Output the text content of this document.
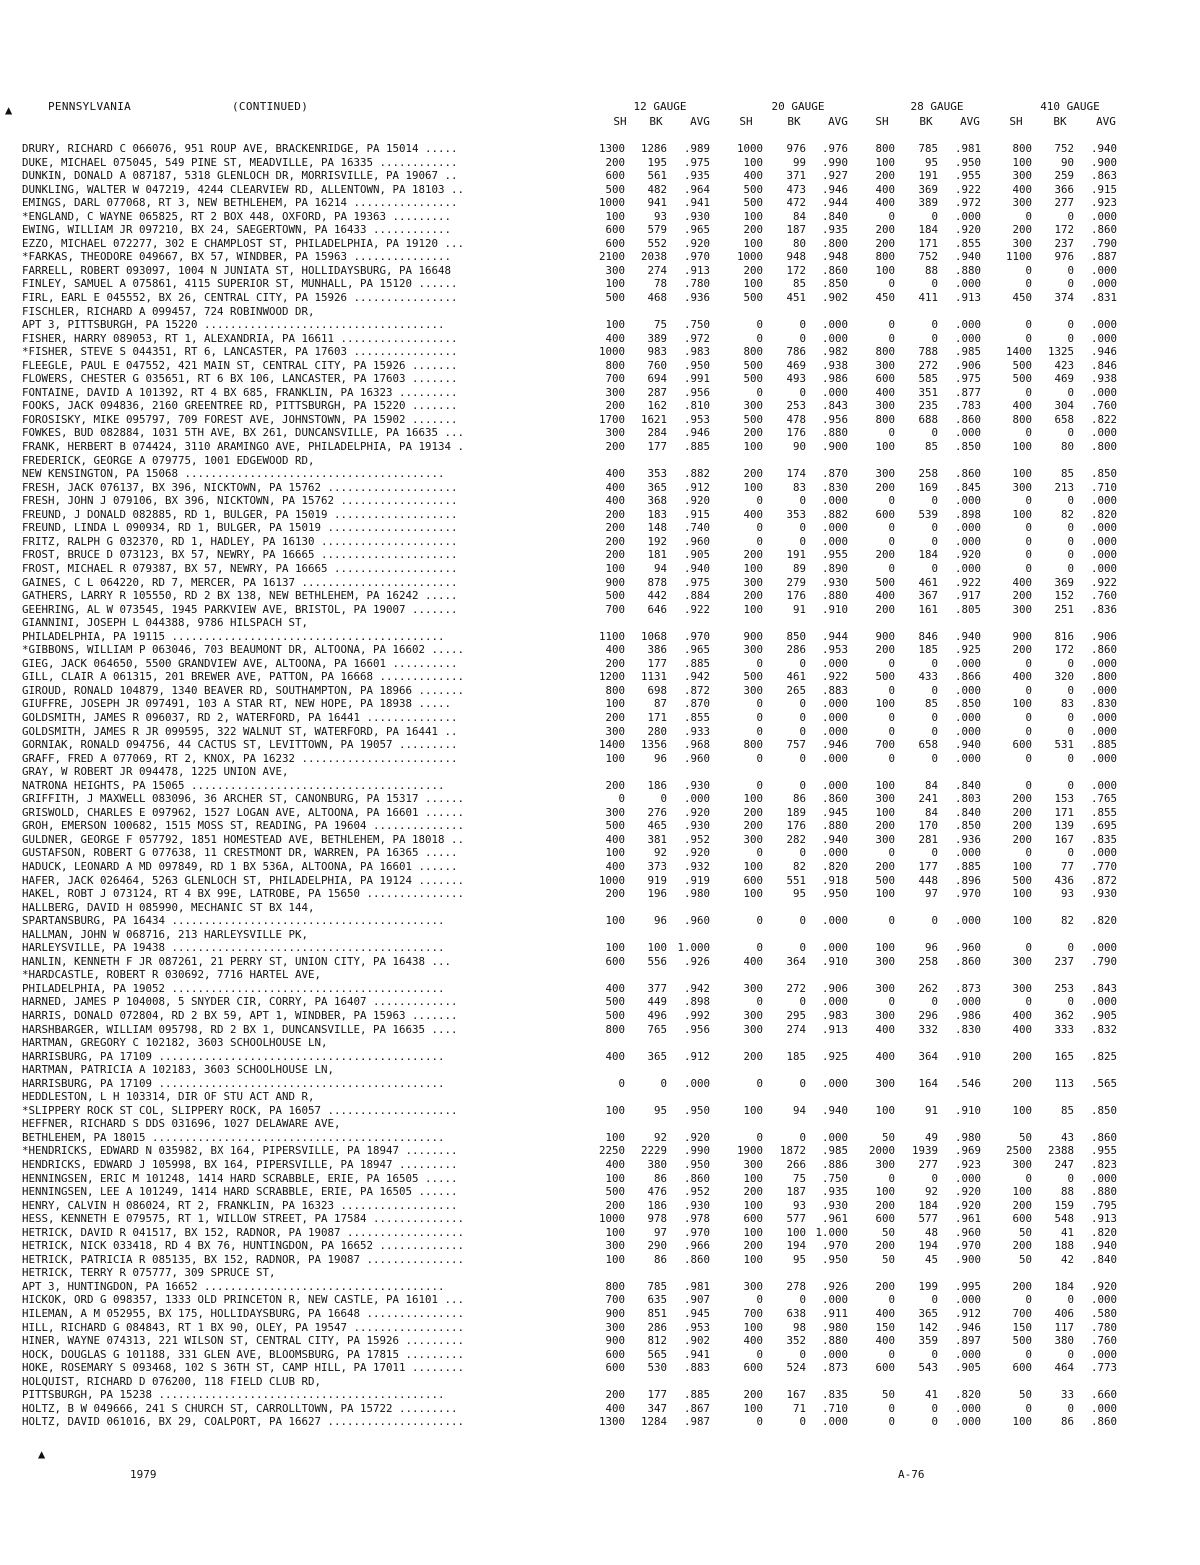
▲	PENNSYLVANIA	(CONTINUED)	12 GAUGE	20 GAUGE	28 GAUGE	410 GAUGE
SH	BK	AVG	SH	BK	AVG	SH	BK	AVG	SH	BK	AVG
DRURY, RICHARD C 066076, 951 ROUP AVE, BRACKENRIDGE, PA 15014 .....	1300	1286	.989	1000	976	.976	800	785	.981	800	752	.940
DUKE, MICHAEL 075045, 549 PINE ST, MEADVILLE, PA 16335 ............	200	195	.975	100	99	.990	100	95	.950	100	90	.900
DUNKIN, DONALD A 087187, 5318 GLENLOCH DR, MORRISVILLE, PA 19067 ..	600	561	.935	400	371	.927	200	191	.955	300	259	.863
DUNKLING, WALTER W 047219, 4244 CLEARVIEW RD, ALLENTOWN, PA 18103 ..	500	482	.964	500	473	.946	400	369	.922	400	366	.915
EMINGS, DARL 077068, RT 3, NEW BETHLEHEM, PA 16214 ................	1000	941	.941	500	472	.944	400	389	.972	300	277	.923
*ENGLAND, C WAYNE 065825, RT 2 BOX 448, OXFORD, PA 19363 .........	100	93	.930	100	84	.840	0	0	.000	0	0	.000
EWING, WILLIAM JR 097210, BX 24, SAEGERTOWN, PA 16433 ............	600	579	.965	200	187	.935	200	184	.920	200	172	.860
EZZO, MICHAEL 072277, 302 E CHAMPLOST ST, PHILADELPHIA, PA 19120 ...	600	552	.920	100	80	.800	200	171	.855	300	237	.790
*FARKAS, THEODORE 049667, BX 57, WINDBER, PA 15963 ...............	2100	2038	.970	1000	948	.948	800	752	.940	1100	976	.887
FARRELL, ROBERT 093097, 1004 N JUNIATA ST, HOLLIDAYSBURG, PA 16648	300	274	.913	200	172	.860	100	88	.880	0	0	.000
FINLEY, SAMUEL A 075861, 4115 SUPERIOR ST, MUNHALL, PA 15120 ......	100	78	.780	100	85	.850	0	0	.000	0	0	.000
FIRL, EARL E 045552, BX 26, CENTRAL CITY, PA 15926 ................	500	468	.936	500	451	.902	450	411	.913	450	374	.831
FISCHLER, RICHARD A 099457, 724 ROBINWOOD DR,
APT 3, PITTSBURGH, PA 15220 .....................................	100	75	.750	0	0	.000	0	0	.000	0	0	.000
FISHER, HARRY 089053, RT 1, ALEXANDRIA, PA 16611 ..................	400	389	.972	0	0	.000	0	0	.000	0	0	.000
*FISHER, STEVE S 044351, RT 6, LANCASTER, PA 17603 ................	1000	983	.983	800	786	.982	800	788	.985	1400	1325	.946
FLEEGLE, PAUL E 047552, 421 MAIN ST, CENTRAL CITY, PA 15926 .......	800	760	.950	500	469	.938	300	272	.906	500	423	.846
FLOWERS, CHESTER G 035651, RT 6 BX 106, LANCASTER, PA 17603 .......	700	694	.991	500	493	.986	600	585	.975	500	469	.938
FONTAINE, DAVID A 101392, RT 4 BX 685, FRANKLIN, PA 16323 .........	300	287	.956	0	0	.000	400	351	.877	0	0	.000
FOOKS, JACK 094836, 2160 GREENTREE RD, PITTSBURGH, PA 15220 .......	200	162	.810	300	253	.843	300	235	.783	400	304	.760
FOROSISKY, MIKE 095797, 709 FOREST AVE, JOHNSTOWN, PA 15902 .......	1700	1621	.953	500	478	.956	800	688	.860	800	658	.822
FOWKES, BUD 082884, 1031 5TH AVE, BX 261, DUNCANSVILLE, PA 16635 ...	300	284	.946	200	176	.880	0	0	.000	0	0	.000
FRANK, HERBERT B 074424, 3110 ARAMINGO AVE, PHILADELPHIA, PA 19134 .	200	177	.885	100	90	.900	100	85	.850	100	80	.800
FREDERICK, GEORGE A 079775, 1001 EDGEWOOD RD,
NEW KENSINGTON, PA 15068 ........................................	400	353	.882	200	174	.870	300	258	.860	100	85	.850
FRESH, JACK 076137, BX 396, NICKTOWN, PA 15762 ....................	400	365	.912	100	83	.830	200	169	.845	300	213	.710
FRESH, JOHN J 079106, BX 396, NICKTOWN, PA 15762 ..................	400	368	.920	0	0	.000	0	0	.000	0	0	.000
FREUND, J DONALD 082885, RD 1, BULGER, PA 15019 ...................	200	183	.915	400	353	.882	600	539	.898	100	82	.820
FREUND, LINDA L 090934, RD 1, BULGER, PA 15019 ....................	200	148	.740	0	0	.000	0	0	.000	0	0	.000
FRITZ, RALPH G 032370, RD 1, HADLEY, PA 16130 .....................	200	192	.960	0	0	.000	0	0	.000	0	0	.000
FROST, BRUCE D 073123, BX 57, NEWRY, PA 16665 .....................	200	181	.905	200	191	.955	200	184	.920	0	0	.000
FROST, MICHAEL R 079387, BX 57, NEWRY, PA 16665 ...................	100	94	.940	100	89	.890	0	0	.000	0	0	.000
GAINES, C L 064220, RD 7, MERCER, PA 16137 ........................	900	878	.975	300	279	.930	500	461	.922	400	369	.922
GATHERS, LARRY R 105550, RD 2 BX 138, NEW BETHLEHEM, PA 16242 .....	500	442	.884	200	176	.880	400	367	.917	200	152	.760
GEEHRING, AL W 073545, 1945 PARKVIEW AVE, BRISTOL, PA 19007 .......	700	646	.922	100	91	.910	200	161	.805	300	251	.836
GIANNINI, JOSEPH L 044388, 9786 HILSPACH ST,
PHILADELPHIA, PA 19115 ..........................................	1100	1068	.970	900	850	.944	900	846	.940	900	816	.906
*GIBBONS, WILLIAM P 063046, 703 BEAUMONT DR, ALTOONA, PA 16602 .....	400	386	.965	300	286	.953	200	185	.925	200	172	.860
GIEG, JACK 064650, 5500 GRANDVIEW AVE, ALTOONA, PA 16601 ..........	200	177	.885	0	0	.000	0	0	.000	0	0	.000
GILL, CLAIR A 061315, 201 BREWER AVE, PATTON, PA 16668 .............	1200	1131	.942	500	461	.922	500	433	.866	400	320	.800
GIROUD, RONALD 104879, 1340 BEAVER RD, SOUTHAMPTON, PA 18966 .......	800	698	.872	300	265	.883	0	0	.000	0	0	.000
GIUFFRE, JOSEPH JR 097491, 103 A STAR RT, NEW HOPE, PA 18938 .....	100	87	.870	0	0	.000	100	85	.850	100	83	.830
GOLDSMITH, JAMES R 096037, RD 2, WATERFORD, PA 16441 ..............	200	171	.855	0	0	.000	0	0	.000	0	0	.000
GOLDSMITH, JAMES R JR 099595, 322 WALNUT ST, WATERFORD, PA 16441 ..	300	280	.933	0	0	.000	0	0	.000	0	0	.000
GORNIAK, RONALD 094756, 44 CACTUS ST, LEVITTOWN, PA 19057 .........	1400	1356	.968	800	757	.946	700	658	.940	600	531	.885
GRAFF, FRED A 077069, RT 2, KNOX, PA 16232 ........................	100	96	.960	0	0	.000	0	0	.000	0	0	.000
GRAY, W ROBERT JR 094478, 1225 UNION AVE,
NATRONA HEIGHTS, PA 15065 .......................................	200	186	.930	0	0	.000	100	84	.840	0	0	.000
GRIFFITH, J MAXWELL 083096, 36 ARCHER ST, CANONBURG, PA 15317 ......	0	0	.000	100	86	.860	300	241	.803	200	153	.765
GRISWOLD, CHARLES E 097962, 1527 LOGAN AVE, ALTOONA, PA 16601 ......	300	276	.920	200	189	.945	100	84	.840	200	171	.855
GROH, EMERSON 100682, 1515 MOSS ST, READING, PA 19604 ..............	500	465	.930	200	176	.880	200	170	.850	200	139	.695
GULDNER, GEORGE F 057792, 1851 HOMESTEAD AVE, BETHLEHEM, PA 18018 ..	400	381	.952	300	282	.940	300	281	.936	200	167	.835
GUSTAFSON, ROBERT G 077638, 11 CRESTMONT DR, WARREN, PA 16365 .....	100	92	.920	0	0	.000	0	0	.000	0	0	.000
HADUCK, LEONARD A MD 097849, RD 1 BX 536A, ALTOONA, PA 16601 ......	400	373	.932	100	82	.820	200	177	.885	100	77	.770
HAFER, JACK 026464, 5263 GLENLOCH ST, PHILADELPHIA, PA 19124 .......	1000	919	.919	600	551	.918	500	448	.896	500	436	.872
HAKEL, ROBT J 073124, RT 4 BX 99E, LATROBE, PA 15650 ...............	200	196	.980	100	95	.950	100	97	.970	100	93	.930
HALLBERG, DAVID H 085990, MECHANIC ST BX 144,
SPARTANSBURG, PA 16434 ..........................................	100	96	.960	0	0	.000	0	0	.000	100	82	.820
HALLMAN, JOHN W 068716, 213 HARLEYSVILLE PK,
HARLEYSVILLE, PA 19438 ..........................................	100	100 1.000	0	0	.000	100	96	.960	0	0	.000
HANLIN, KENNETH F JR 087261, 21 PERRY ST, UNION CITY, PA 16438 ...	600	556	.926	400	364	.910	300	258	.860	300	237	.790
*HARDCASTLE, ROBERT R 030692, 7716 HARTEL AVE,
PHILADELPHIA, PA 19052 ..........................................	400	377	.942	300	272	.906	300	262	.873	300	253	.843
HARNED, JAMES P 104008, 5 SNYDER CIR, CORRY, PA 16407 .............	500	449	.898	0	0	.000	0	0	.000	0	0	.000
HARRIS, DONALD 072804, RD 2 BX 59, APT 1, WINDBER, PA 15963 .......	500	496	.992	300	295	.983	300	296	.986	400	362	.905
HARSHBARGER, WILLIAM 095798, RD 2 BX 1, DUNCANSVILLE, PA 16635 ....	800	765	.956	300	274	.913	400	332	.830	400	333	.832
HARTMAN, GREGORY C 102182, 3603 SCHOOLHOUSE LN,
HARRISBURG, PA 17109 ............................................	400	365	.912	200	185	.925	400	364	.910	200	165	.825
HARTMAN, PATRICIA A 102183, 3603 SCHOOLHOUSE LN,
HARRISBURG, PA 17109 ............................................	0	0	.000	0	0	.000	300	164	.546	200	113	.565
HEDDLESTON, L H 103314, DIR OF STU ACT AND R,
*SLIPPERY ROCK ST COL, SLIPPERY ROCK, PA 16057 ....................	100	95	.950	100	94	.940	100	91	.910	100	85	.850
HEFFNER, RICHARD S DDS 031696, 1027 DELAWARE AVE,
BETHLEHEM, PA 18015 .............................................	100	92	.920	0	0	.000	50	49	.980	50	43	.860
*HENDRICKS, EDWARD N 035982, BX 164, PIPERSVILLE, PA 18947 ........	2250	2229	.990	1900	1872	.985	2000	1939	.969	2500	2388	.955
HENDRICKS, EDWARD J 105998, BX 164, PIPERSVILLE, PA 18947 .........	400	380	.950	300	266	.886	300	277	.923	300	247	.823
HENNINGSEN, ERIC M 101248, 1414 HARD SCRABBLE, ERIE, PA 16505 .....	100	86	.860	100	75	.750	0	0	.000	0	0	.000
HENNINGSEN, LEE A 101249, 1414 HARD SCRABBLE, ERIE, PA 16505 ......	500	476	.952	200	187	.935	100	92	.920	100	88	.880
HENRY, CALVIN H 086024, RT 2, FRANKLIN, PA 16323 ..................	200	186	.930	100	93	.930	200	184	.920	200	159	.795
HESS, KENNETH E 079575, RT 1, WILLOW STREET, PA 17584 ..............	1000	978	.978	600	577	.961	600	577	.961	600	548	.913
HETRICK, DAVID R 041517, BX 152, RADNOR, PA 19087 ..................	100	97	.970	100	100 1.000	50	48	.960	50	41	.820
HETRICK, NICK 033418, RD 4 BX 76, HUNTINGDON, PA 16652 .............	300	290	.966	200	194	.970	200	194	.970	200	188	.940
HETRICK, PATRICIA R 085135, BX 152, RADNOR, PA 19087 ...............	100	86	.860	100	95	.950	50	45	.900	50	42	.840
HETRICK, TERRY R 075777, 309 SPRUCE ST,
APT 3, HUNTINGDON, PA 16652 .....................................	800	785	.981	300	278	.926	200	199	.995	200	184	.920
HICKOK, ORD G 098357, 1333 OLD PRINCETON R, NEW CASTLE, PA 16101 ...	700	635	.907	0	0	.000	0	0	.000	0	0	.000
HILEMAN, A M 052955, BX 175, HOLLIDAYSBURG, PA 16648 ...............	900	851	.945	700	638	.911	400	365	.912	700	406	.580
HILL, RICHARD G 084843, RT 1 BX 90, OLEY, PA 19547 .................	300	286	.953	100	98	.980	150	142	.946	150	117	.780
HINER, WAYNE 074313, 221 WILSON ST, CENTRAL CITY, PA 15926 .........	900	812	.902	400	352	.880	400	359	.897	500	380	.760
HOCK, DOUGLAS G 101188, 331 GLEN AVE, BLOOMSBURG, PA 17815 .........	600	565	.941	0	0	.000	0	0	.000	0	0	.000
HOKE, ROSEMARY S 093468, 102 S 36TH ST, CAMP HILL, PA 17011 ........	600	530	.883	600	524	.873	600	543	.905	600	464	.773
HOLQUIST, RICHARD D 076200, 118 FIELD CLUB RD,
PITTSBURGH, PA 15238 ............................................	200	177	.885	200	167	.835	50	41	.820	50	33	.660
HOLTZ, B W 049666, 241 S CHURCH ST, CARROLLTOWN, PA 15722 .........	400	347	.867	100	71	.710	0	0	.000	0	0	.000
HOLTZ, DAVID 061016, BX 29, COALPORT, PA 16627 .....................	1300	1284	.987	0	0	.000	0	0	.000	100	86	.860
▲
1979	A-76
